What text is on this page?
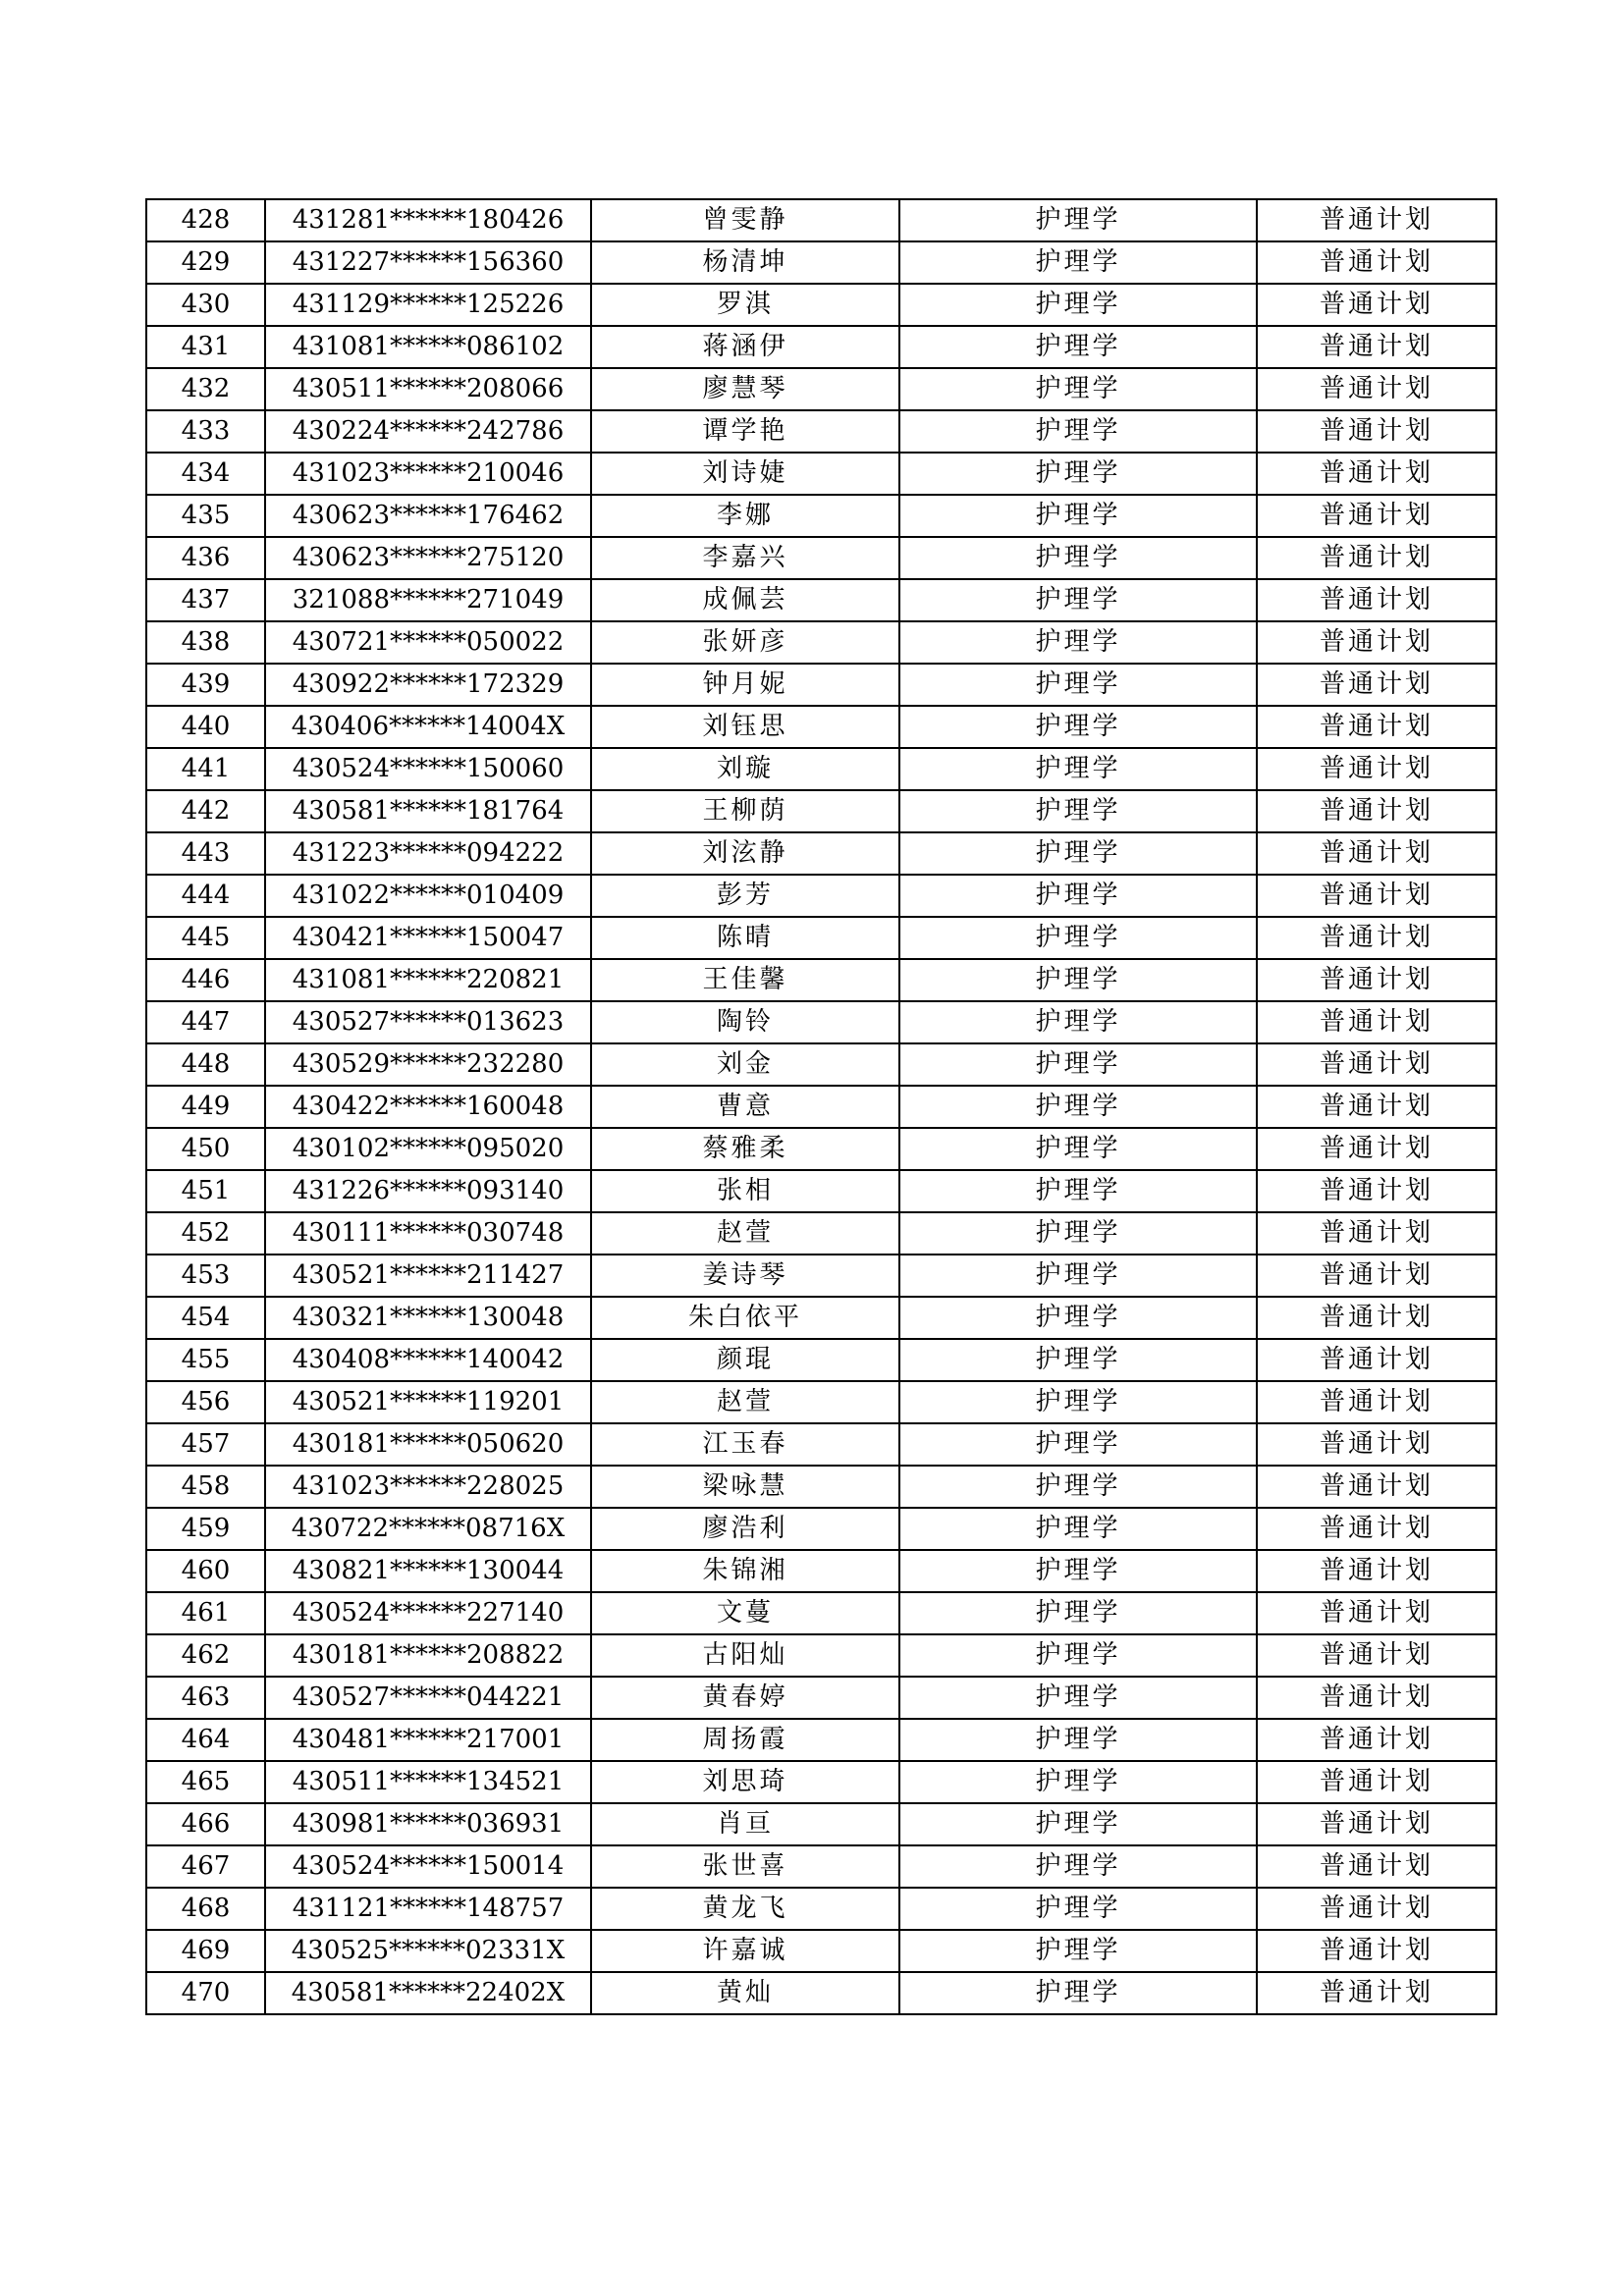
428	431281******180426	曾雯静	护理学	普通计划
429	431227******156360	杨清坤	护理学	普通计划
430	431129******125226	罗淇	护理学	普通计划
431	431081******086102	蒋涵伊	护理学	普通计划
432	430511******208066	廖慧琴	护理学	普通计划
433	430224******242786	谭学艳	护理学	普通计划
434	431023******210046	刘诗婕	护理学	普通计划
435	430623******176462	李娜	护理学	普通计划
436	430623******275120	李嘉兴	护理学	普通计划
437	321088******271049	成佩芸	护理学	普通计划
438	430721******050022	张妍彦	护理学	普通计划
439	430922******172329	钟月妮	护理学	普通计划
440	430406******14004X	刘钰思	护理学	普通计划
441	430524******150060	刘璇	护理学	普通计划
442	430581******181764	王柳荫	护理学	普通计划
443	431223******094222	刘泫静	护理学	普通计划
444	431022******010409	彭芳	护理学	普通计划
445	430421******150047	陈晴	护理学	普通计划
446	431081******220821	王佳馨	护理学	普通计划
447	430527******013623	陶铃	护理学	普通计划
448	430529******232280	刘金	护理学	普通计划
449	430422******160048	曹意	护理学	普通计划
450	430102******095020	蔡雅柔	护理学	普通计划
451	431226******093140	张相	护理学	普通计划
452	430111******030748	赵萱	护理学	普通计划
453	430521******211427	姜诗琴	护理学	普通计划
454	430321******130048	朱白依平	护理学	普通计划
455	430408******140042	颜琨	护理学	普通计划
456	430521******119201	赵萱	护理学	普通计划
457	430181******050620	江玉春	护理学	普通计划
458	431023******228025	梁咏慧	护理学	普通计划
459	430722******08716X	廖浩利	护理学	普通计划
460	430821******130044	朱锦湘	护理学	普通计划
461	430524******227140	文蔓	护理学	普通计划
462	430181******208822	古阳灿	护理学	普通计划
463	430527******044221	黄春婷	护理学	普通计划
464	430481******217001	周扬霞	护理学	普通计划
465	430511******134521	刘思琦	护理学	普通计划
466	430981******036931	肖亘	护理学	普通计划
467	430524******150014	张世喜	护理学	普通计划
468	431121******148757	黄龙飞	护理学	普通计划
469	430525******02331X	许嘉诚	护理学	普通计划
470	430581******22402X	黄灿	护理学	普通计划
